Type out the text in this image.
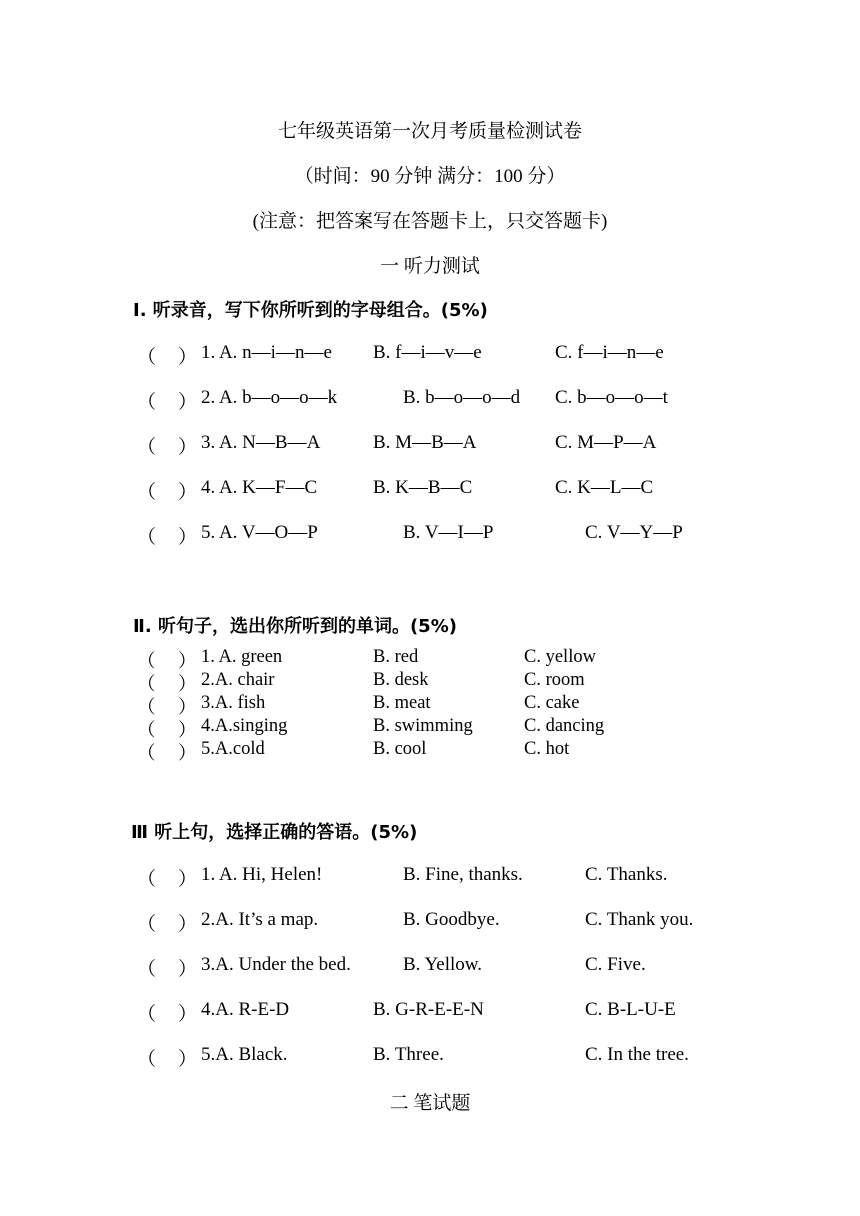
七年级英语第一次月考质量检测试卷
（时间：90 分钟 满分：100 分）
(注意：把答案写在答题卡上，只交答题卡)
一 听力测试
Ⅰ. 听录音，写下你所听到的字母组合。(5%)
（ ） 1. A. n—i—n—e B. f—i—v—e	C. f—i—n—e
（ ） 2. A. b—o—o—k	B. b—o—o—d C. b—o—o—t
（ ） 3. A. N—B—A	B. M—B—A	C. M—P—A
（ ） 4. A. K—F—C	B. K—B—C	C. K—L—C
（ ） 5. A. V—O—P	B. V—I—P	C. V—Y—P
Ⅱ. 听句子，选出你所听到的单词。(5%)
（ ） 1. A. green	B. red	C. yellow
（ ） 2.A. chair	B. desk	C. room
（ ） 3.A. fish	B. meat	C. cake
（ ） 4.A.singing	B. swimming	C. dancing
（ ） 5.A.cold	B. cool	C. hot
Ⅲ 听上句，选择正确的答语。(5%)
（ ） 1. A. Hi, Helen!	B. Fine, thanks.	C. Thanks.
（ ） 2.A. It’s a map.	B. Goodbye.	C. Thank you.
（ ） 3.A. Under the bed.	B. Yellow.	C. Five.
（ ） 4.A. R-E-D	B. G-R-E-E-N	C. B-L-U-E
（ ） 5.A. Black.	B. Three.	C. In the tree.
二 笔试题
